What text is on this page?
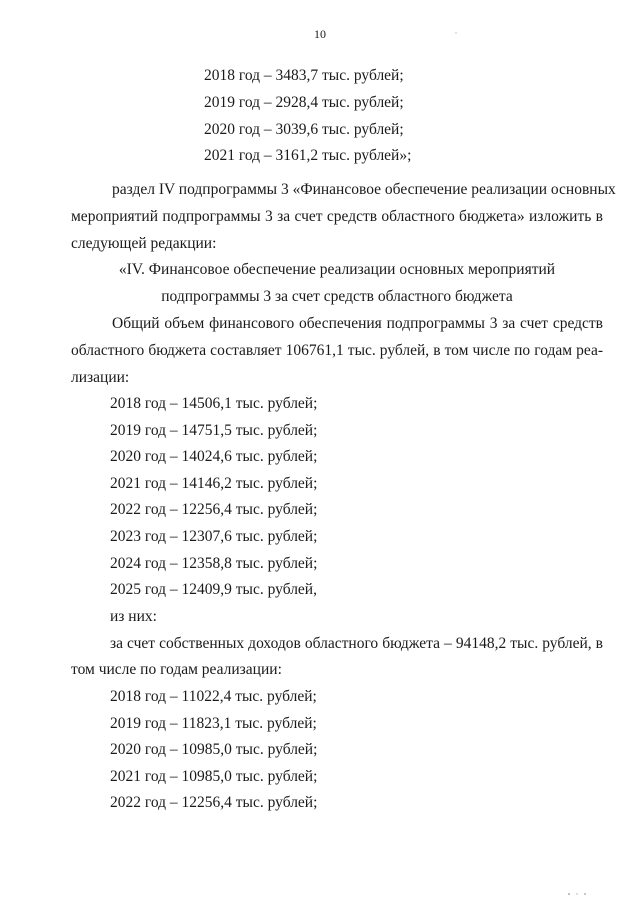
10
2018 год – 3483,7 тыс. рублей;
2019 год – 2928,4 тыс. рублей;
2020 год – 3039,6 тыс. рублей;
2021 год – 3161,2 тыс. рублей»;
раздел IV подпрограммы 3 «Финансовое обеспечение реализации основных
мероприятий подпрограммы 3 за счет средств областного бюджета» изложить в
следующей редакции:
«IV. Финансовое обеспечение реализации основных мероприятий
подпрограммы 3 за счет средств областного бюджета
Общий объем финансового обеспечения подпрограммы 3 за счет средств
областного бюджета составляет 106761,1 тыс. рублей, в том числе по годам реа-
лизации:
2018 год – 14506,1 тыс. рублей;
2019 год – 14751,5 тыс. рублей;
2020 год – 14024,6 тыс. рублей;
2021 год – 14146,2 тыс. рублей;
2022 год – 12256,4 тыс. рублей;
2023 год – 12307,6 тыс. рублей;
2024 год – 12358,8 тыс. рублей;
2025 год – 12409,9 тыс. рублей,
из них:
за счет собственных доходов областного бюджета – 94148,2 тыс. рублей, в
том числе по годам реализации:
2018 год – 11022,4 тыс. рублей;
2019 год – 11823,1 тыс. рублей;
2020 год – 10985,0 тыс. рублей;
2021 год – 10985,0 тыс. рублей;
2022 год – 12256,4 тыс. рублей;
